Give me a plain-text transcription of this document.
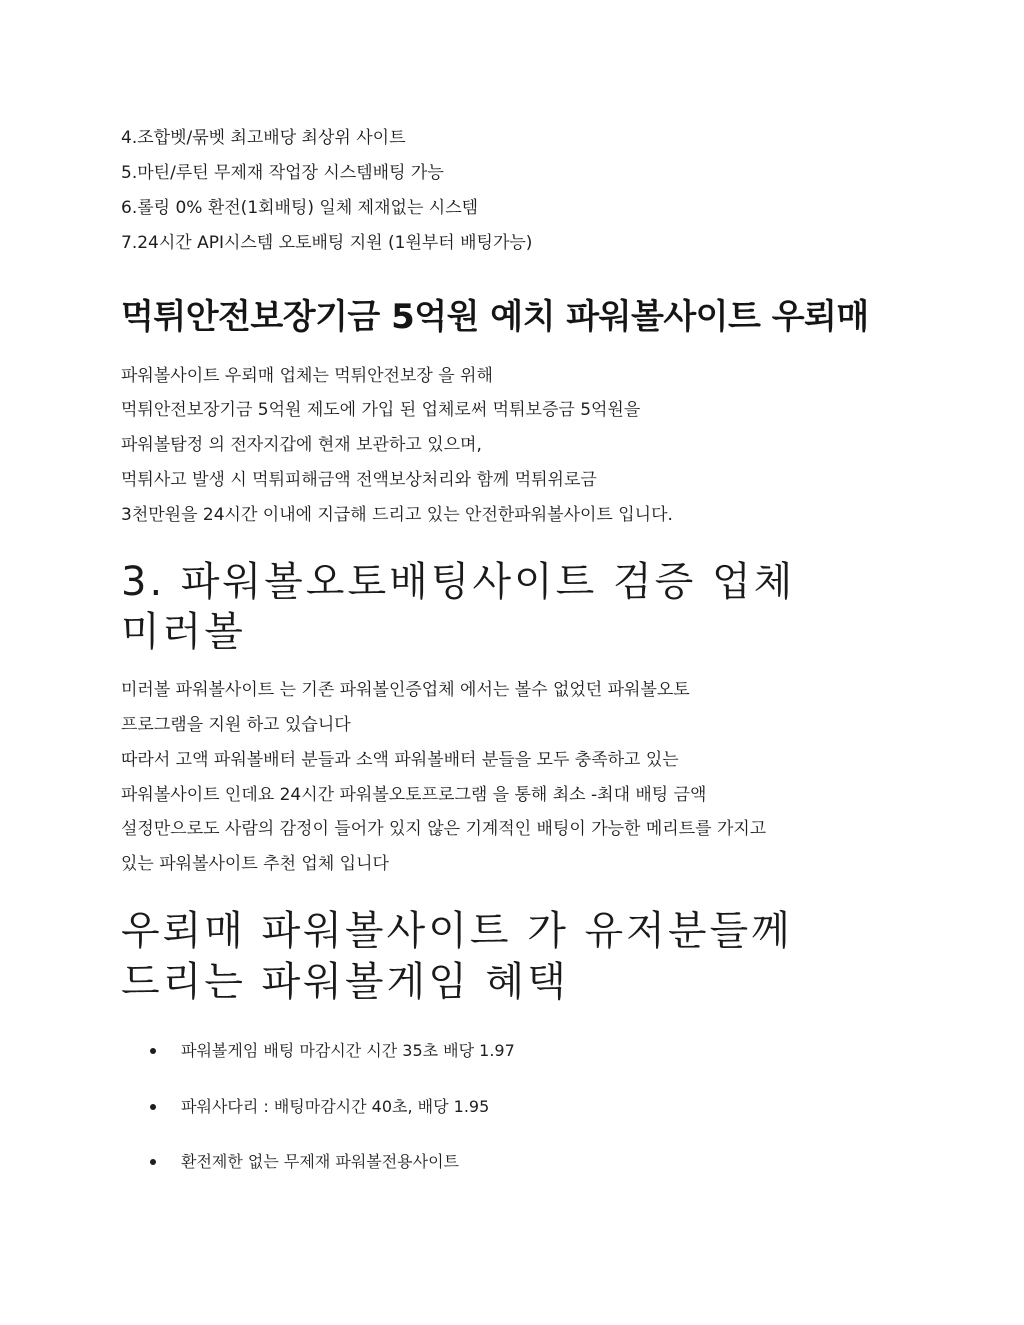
4.조합벳/묶벳 최고배당 최상위 사이트

5.마틴/루틴 무제재 작업장 시스템배팅 가능

6.롤링 0% 환전(1회배팅) 일체 제재없는 시스템

7.24시간 API시스템 오토배팅 지원 (1원부터 배팅가능)

먹튀안전보장기금 5억원 예치 파워볼사이트 우뢰매

파워볼사이트 우뢰매 업체는 먹튀안전보장 을 위해

먹튀안전보장기금 5억원 제도에 가입 된 업체로써 먹튀보증금 5억원을

파워볼탐정 의 전자지갑에 현재 보관하고 있으며,

먹튀사고 발생 시 먹튀피해금액 전액보상처리와 함께 먹튀위로금

3천만원을 24시간 이내에 지급해 드리고 있는 안전한파워볼사이트 입니다.

3. 파워볼오토배팅사이트 검증 업체
미러볼

미러볼 파워볼사이트 는 기존 파워볼인증업체 에서는 볼수 없었던 파워볼오토

프로그램을 지원 하고 있습니다

따라서 고액 파워볼배터 분들과 소액 파워볼배터 분들을 모두 충족하고 있는

파워볼사이트 인데요 24시간 파워볼오토프로그램 을 통해 최소 -최대 배팅 금액

설정만으로도 사람의 감정이 들어가 있지 않은 기계적인 배팅이 가능한 메리트를 가지고

있는 파워볼사이트 추천 업체 입니다

우뢰매 파워볼사이트 가 유저분들께
드리는 파워볼게임 혜택
파워볼게임 배팅 마감시간 시간 35초 배당 1.97
파워사다리 : 배팅마감시간 40초, 배당 1.95
환전제한 없는 무제재 파워볼전용사이트
